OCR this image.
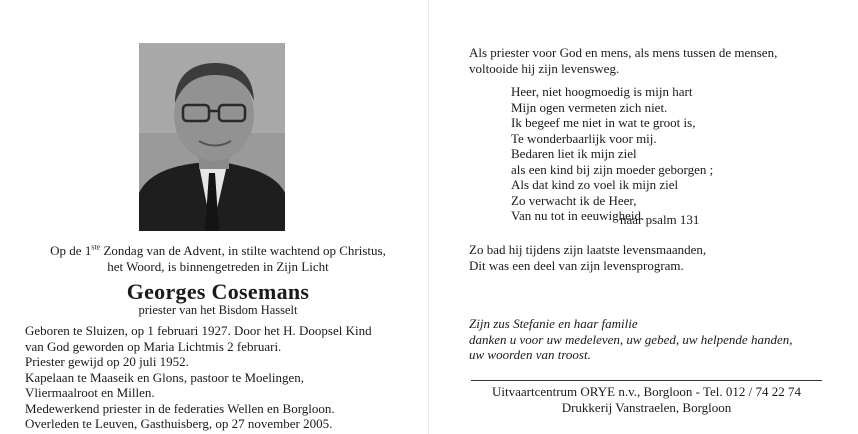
Op de 1ste Zondag van de Advent, in stilte wachtend op Christus,
het Woord, is binnengetreden in Zijn Licht
Georges Cosemans
priester van het Bisdom Hasselt
Geboren te Sluizen, op 1 februari 1927. Door het H. Doopsel Kind
van God geworden op Maria Lichtmis 2 februari.
Priester gewijd op 20 juli 1952.
Kapelaan te Maaseik en Glons, pastoor te Moelingen,
Vliermaalroot en Millen.
Medewerkend priester in de federaties Wellen en Borgloon.
Overleden te Leuven, Gasthuisberg, op 27 november 2005.
Als priester voor God en mens, als mens tussen de mensen,
voltooide hij zijn levensweg.
Heer, niet hoogmoedig is mijn hart
Mijn ogen vermeten zich niet.
Ik begeef me niet in wat te groot is,
Te wonderbaarlijk voor mij.
Bedaren liet ik mijn ziel
als een kind bij zijn moeder geborgen ;
Als dat kind zo voel ik mijn ziel
Zo verwacht ik de Heer,
Van nu tot in eeuwigheid.
naar psalm 131
Zo bad hij tijdens zijn laatste levensmaanden,
Dit was een deel van zijn levensprogram.
Zijn zus Stefanie en haar familie
danken u voor uw medeleven, uw gebed, uw helpende handen,
uw woorden van troost.
Uitvaartcentrum ORYE n.v., Borgloon - Tel. 012 / 74 22 74
Drukkerij Vanstraelen, Borgloon
